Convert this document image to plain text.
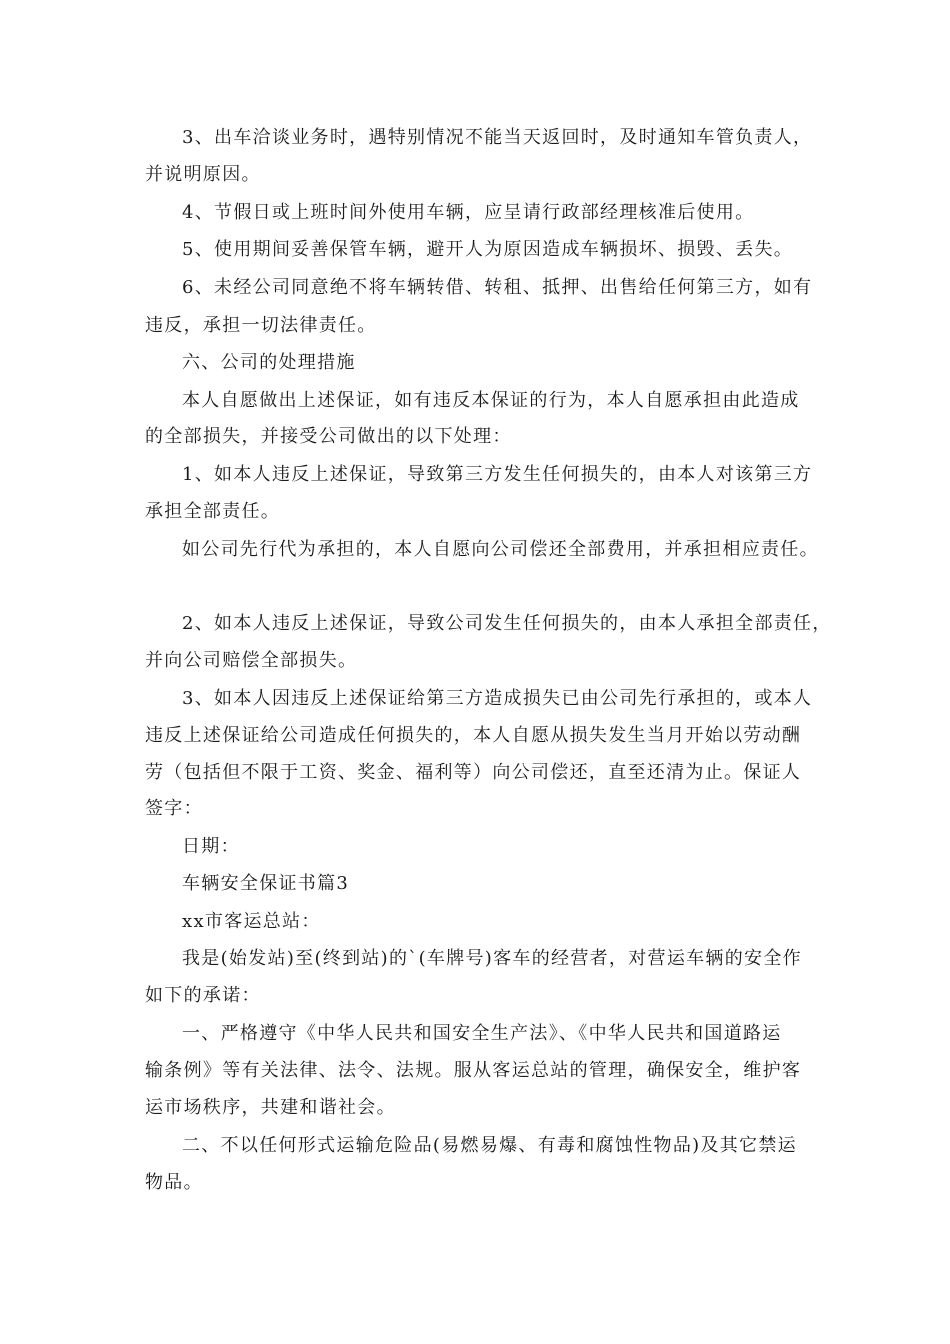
3、出车洽谈业务时，遇特别情况不能当天返回时，及时通知车管负责人，

并说明原因。

4、节假日或上班时间外使用车辆，应呈请行政部经理核准后使用。

5、使用期间妥善保管车辆，避开人为原因造成车辆损坏、损毁、丢失。

6、未经公司同意绝不将车辆转借、转租、抵押、出售给任何第三方，如有

违反，承担一切法律责任。

六、公司的处理措施

本人自愿做出上述保证，如有违反本保证的行为，本人自愿承担由此造成

的全部损失，并接受公司做出的以下处理：

1、如本人违反上述保证，导致第三方发生任何损失的，由本人对该第三方

承担全部责任。

如公司先行代为承担的，本人自愿向公司偿还全部费用，并承担相应责任。

2、如本人违反上述保证，导致公司发生任何损失的，由本人承担全部责任，

并向公司赔偿全部损失。

3、如本人因违反上述保证给第三方造成损失已由公司先行承担的，或本人

违反上述保证给公司造成任何损失的，本人自愿从损失发生当月开始以劳动酬

劳（包括但不限于工资、奖金、福利等）向公司偿还，直至还清为止。保证人

签字：

日期：

车辆安全保证书篇3

xx市客运总站：

我是(始发站)至(终到站)的`(车牌号)客车的经营者，对营运车辆的安全作

如下的承诺：

一、严格遵守《中华人民共和国安全生产法》、《中华人民共和国道路运

输条例》等有关法律、法令、法规。服从客运总站的管理，确保安全，维护客

运市场秩序，共建和谐社会。

二、不以任何形式运输危险品(易燃易爆、有毒和腐蚀性物品)及其它禁运

物品。
